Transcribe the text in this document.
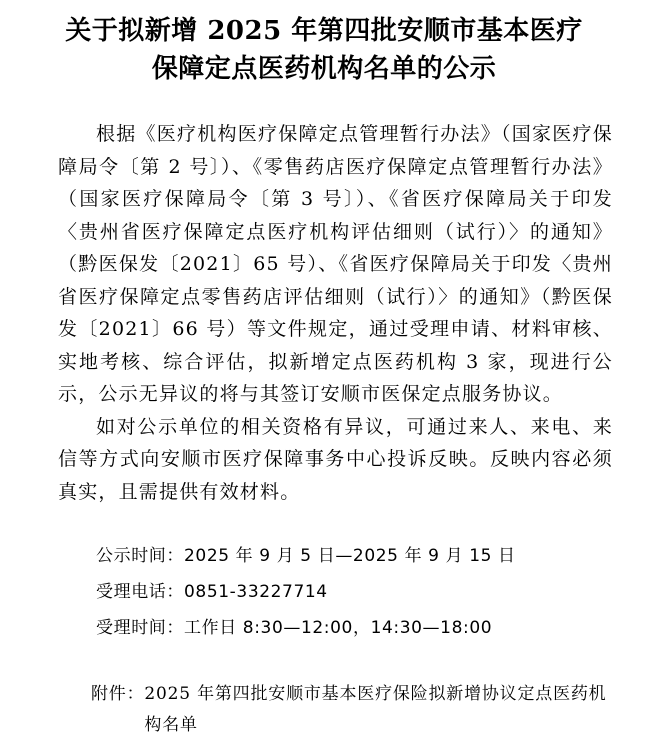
关于拟新增 2025 年第四批安顺市基本医疗
保障定点医药机构名单的公示

根据《医疗机构医疗保障定点管理暂行办法》（国家医疗保障局令〔第 2 号〕）、《零售药店医疗保障定点管理暂行办法》（国家医疗保障局令〔第 3 号〕）、《省医疗保障局关于印发〈贵州省医疗保障定点医疗机构评估细则（试行）〉的通知》（黔医保发〔2021〕65 号）、《省医疗保障局关于印发〈贵州省医疗保障定点零售药店评估细则（试行）〉的通知》（黔医保发〔2021〕66 号）等文件规定，通过受理申请、材料审核、实地考核、综合评估，拟新增定点医药机构 3 家，现进行公示，公示无异议的将与其签订安顺市医保定点服务协议。

如对公示单位的相关资格有异议，可通过来人、来电、来信等方式向安顺市医疗保障事务中心投诉反映。反映内容必须真实，且需提供有效材料。

公示时间：2025 年 9 月 5 日—2025 年 9 月 15 日
受理电话：0851-33227714
受理时间：工作日 8:30—12:00，14:30—18:00
附件： 2025 年第四批安顺市基本医疗保险拟新增协议定点医药机构名单
